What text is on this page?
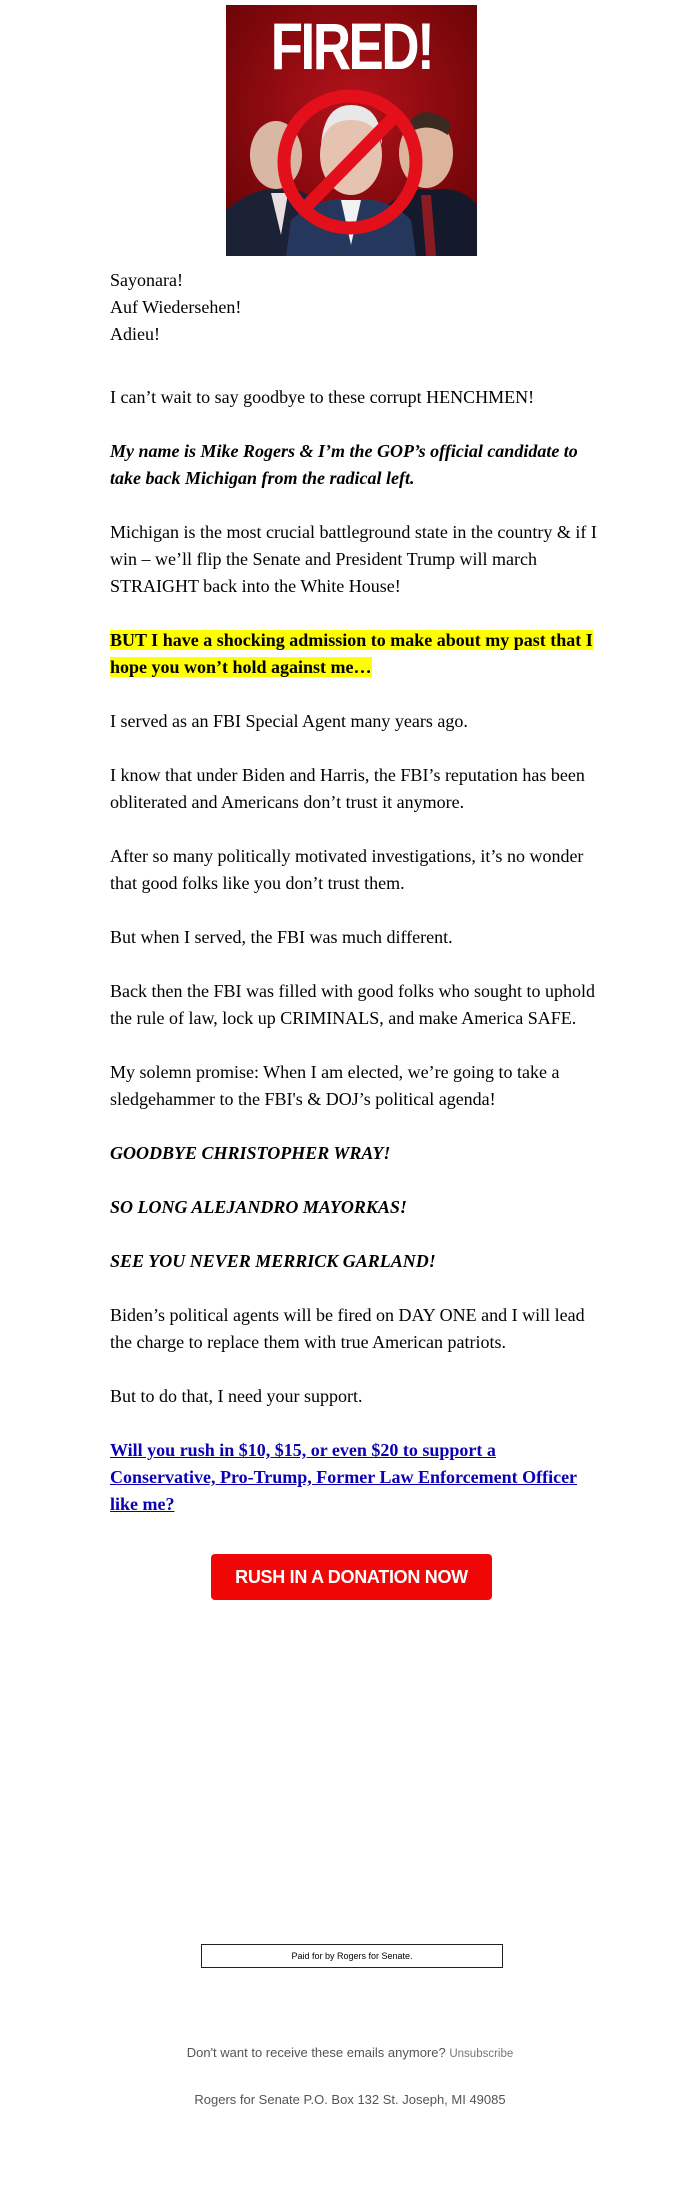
FIRED!

Sayonara!

Auf Wiedersehen!

Adieu!

I can’t wait to say goodbye to these corrupt HENCHMEN!

My name is Mike Rogers & I’m the GOP’s official candidate to take back Michigan from the radical left.

Michigan is the most crucial battleground state in the country & if I win – we’ll flip the Senate and President Trump will march STRAIGHT back into the White House!

BUT I have a shocking admission to make about my past that I hope you won’t hold against me…

I served as an FBI Special Agent many years ago.

I know that under Biden and Harris, the FBI’s reputation has been obliterated and Americans don’t trust it anymore.

After so many politically motivated investigations, it’s no wonder that good folks like you don’t trust them.

But when I served, the FBI was much different.

Back then the FBI was filled with good folks who sought to uphold the rule of law, lock up CRIMINALS, and make America SAFE.

My solemn promise: When I am elected, we’re going to take a sledgehammer to the FBI's & DOJ’s political agenda!

GOODBYE CHRISTOPHER WRAY!

SO LONG ALEJANDRO MAYORKAS!

SEE YOU NEVER MERRICK GARLAND!

Biden’s political agents will be fired on DAY ONE and I will lead the charge to replace them with true American patriots.

But to do that, I need your support.

Will you rush in $10, $15, or even $20 to support a Conservative, Pro-Trump, Former Law Enforcement Officer like me?

RUSH IN A DONATION NOW
Paid for by Rogers for Senate.
Don't want to receive these emails anymore? Unsubscribe
Rogers for Senate P.O. Box 132 St. Joseph, MI 49085
